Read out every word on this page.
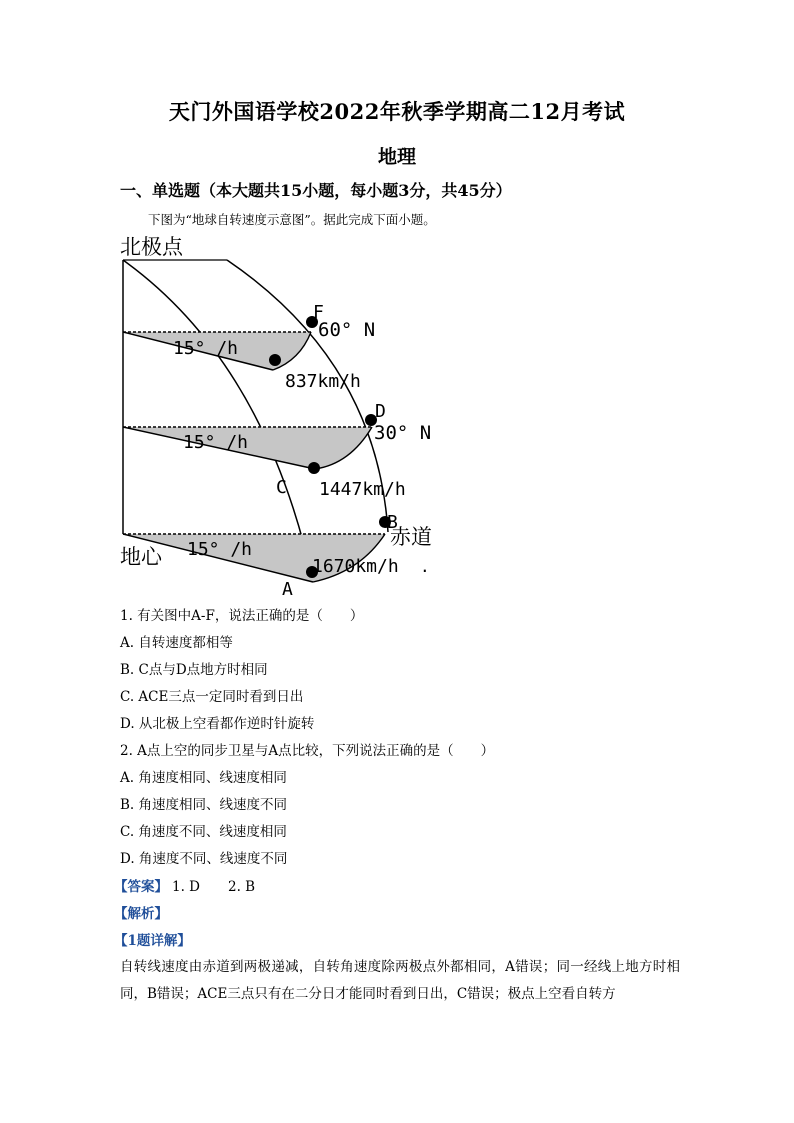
天门外国语学校2022年秋季学期高二12月考试
地理
一、单选题（本大题共15小题，每小题3分，共45分）
下图为“地球自转速度示意图”。据此完成下面小题。
北极点
地心
赤道
F
D
C
B
A
60° N
30° N
15° /h
15° /h
15° /h
837km/h
1447km/h
1670km/h .
1. 有关图中A-F，说法正确的是（　　）
A. 自转速度都相等
B. C点与D点地方时相同
C. ACE三点一定同时看到日出
D. 从北极上空看都作逆时针旋转
2. A点上空的同步卫星与A点比较，下列说法正确的是（　　）
A. 角速度相同、线速度相同
B. 角速度相同、线速度不同
C. 角速度不同、线速度相同
D. 角速度不同、线速度不同
【答案】 1. D 2. B
【解析】
【1题详解】
自转线速度由赤道到两极递减，自转角速度除两极点外都相同，A错误；同一经线上地方时相同，B错误；ACE三点只有在二分日才能同时看到日出，C错误；极点上空看自转方
